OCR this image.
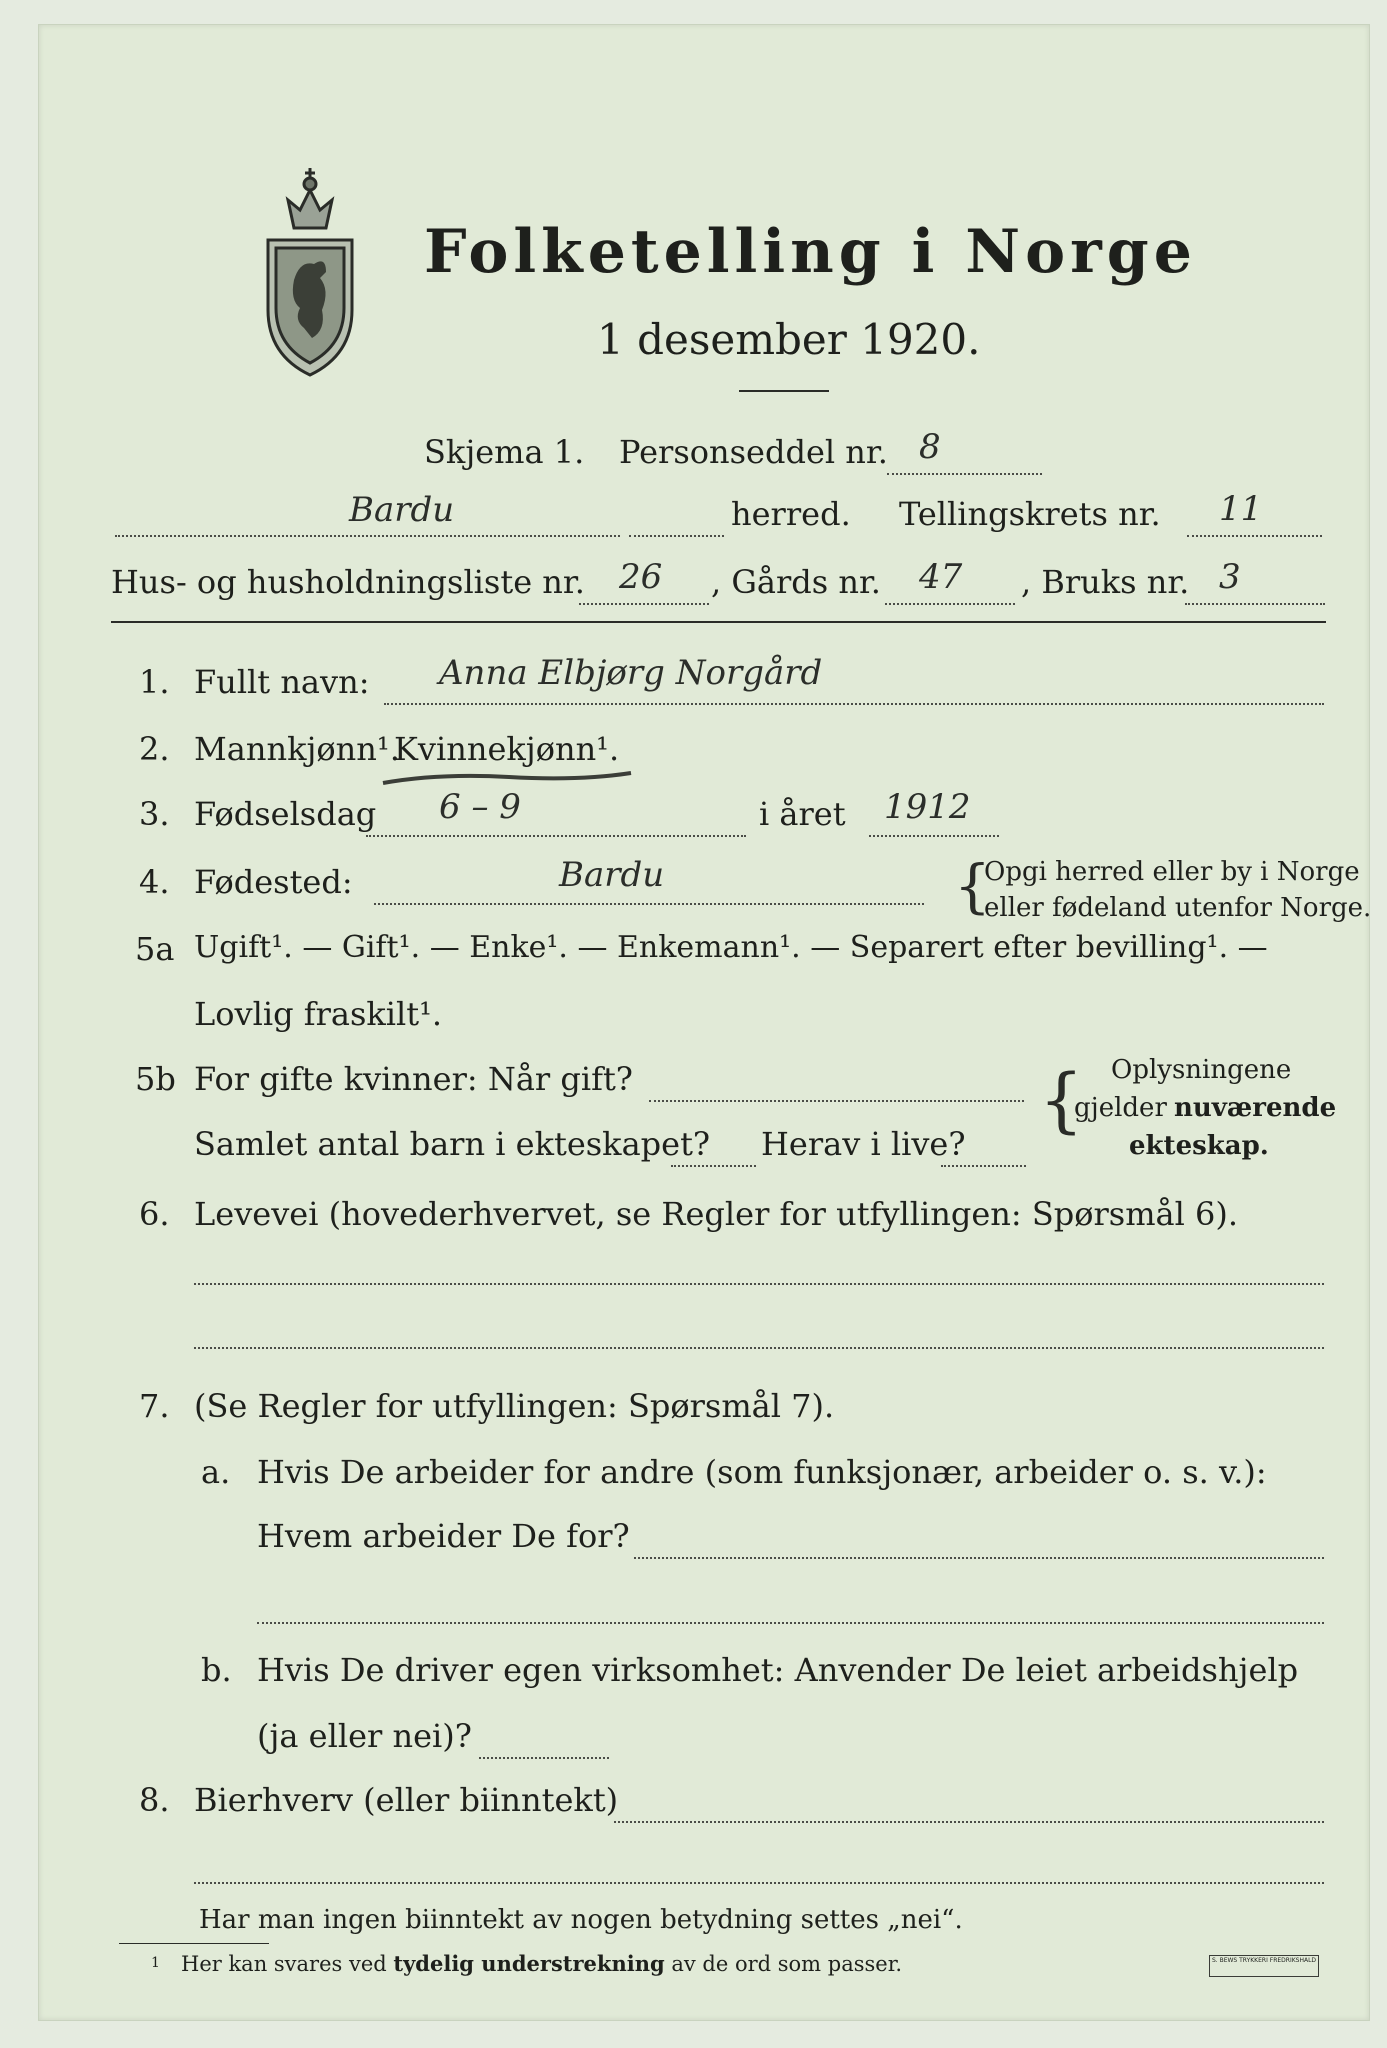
Folketelling i Norge
1 desember 1920.
Skjema 1. Personseddel nr. 8
Bardu	herred. Tellingskrets nr. 11
Hus- og husholdningsliste nr. 26 , Gårds nr. 47 , Bruks nr. 3
1. Fullt navn: Anna Elbjørg Norgård
2. Mannkjønn¹.
Kvinnekjønn¹.
3. Fødselsdag 6 – 9	i året 1912
4. Fødested:	Bardu	{
Opgi herred eller by i Norge
eller fødeland utenfor Norge.
5a Ugift¹. — Gift¹. — Enke¹. — Enkemann¹. — Separert efter bevilling¹. —
Lovlig fraskilt¹.
5b For gifte kvinner: Når gift?
Samlet antal barn i ekteskapet? Herav i live?
{ Oplysningene
gjelder nuværende
ekteskap.
6. Levevei (hovederhvervet, se Regler for utfyllingen: Spørsmål 6).
7. (Se Regler for utfyllingen: Spørsmål 7).
a. Hvis De arbeider for andre (som funksjonær, arbeider o. s. v.):
Hvem arbeider De for?
b. Hvis De driver egen virksomhet: Anvender De leiet arbeidshjelp
(ja eller nei)?
8. Bierhverv (eller biinntekt)
Har man ingen biinntekt av nogen betydning settes „nei“.
1 Her kan svares ved tydelig understrekning av de ord som passer.	S. BEWS TRYKKERI FREDRIKSHALD
